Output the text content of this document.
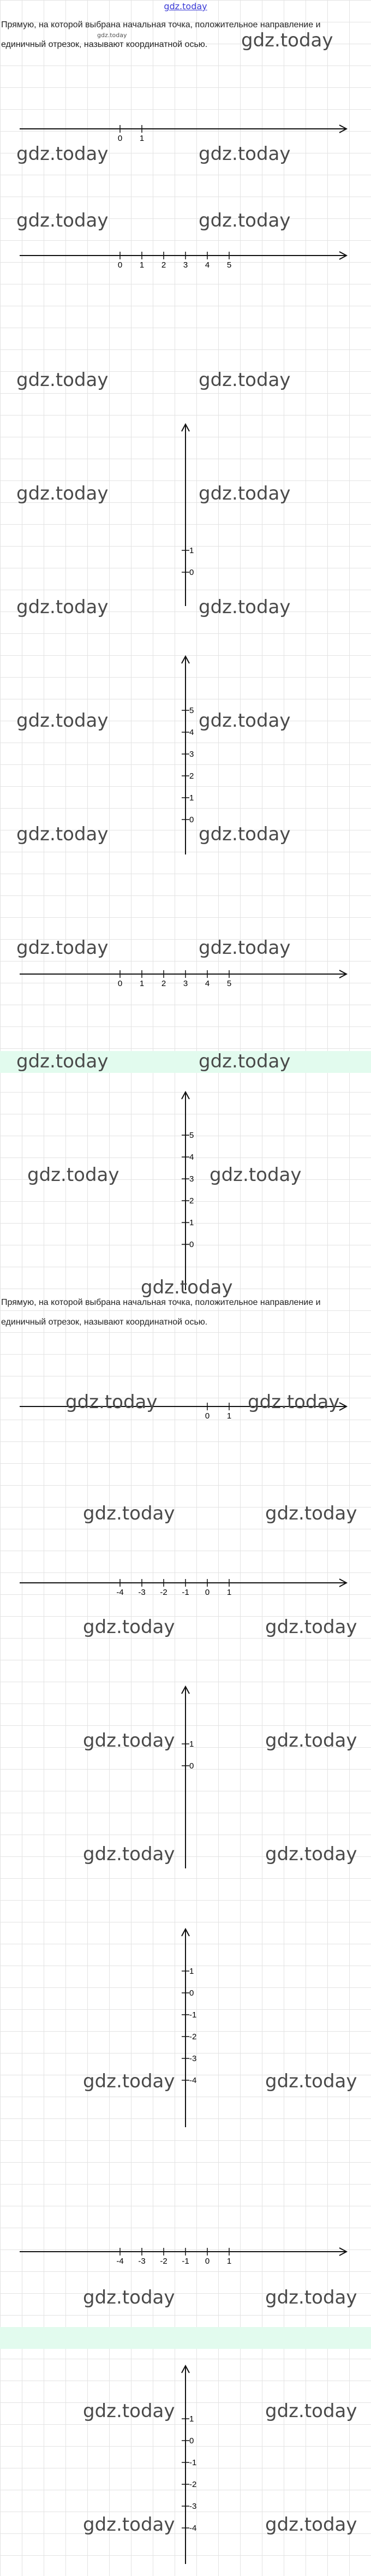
gdz.today
Прямую, на которой выбрана начальная точка, положительное направление и
единичный отрезок, называют координатной осью.
gdz.today	gdz.today
0 1
gdz.today	gdz.today
gdz.today	gdz.today
0 1 2 3 4 5
gdz.today	gdz.today
1
0
gdz.today	gdz.today
gdz.today	gdz.today
5
4
3
2
1
0
gdz.today	gdz.today
gdz.today	gdz.today
gdz.today	gdz.today
0 1 2 3 4 5
gdz.today	gdz.today
5
4
3
2
1
0
gdz.today	gdz.today
gdz.today
Прямую, на которой выбрана начальная точка, положительное направление и
единичный отрезок, называют координатной осью.
0 1
gdz.today	gdz.today
gdz.today	gdz.today
-4 -3 -2 -1 0 1
gdz.today	gdz.today
1
0
gdz.today	gdz.today
gdz.today	gdz.today
1
0
-1
-2
-3
-4
gdz.today	gdz.today
-4 -3 -2 -1 0 1
gdz.today	gdz.today
1
0
-1
-2
-3
-4
gdz.today	gdz.today
gdz.today	gdz.today
